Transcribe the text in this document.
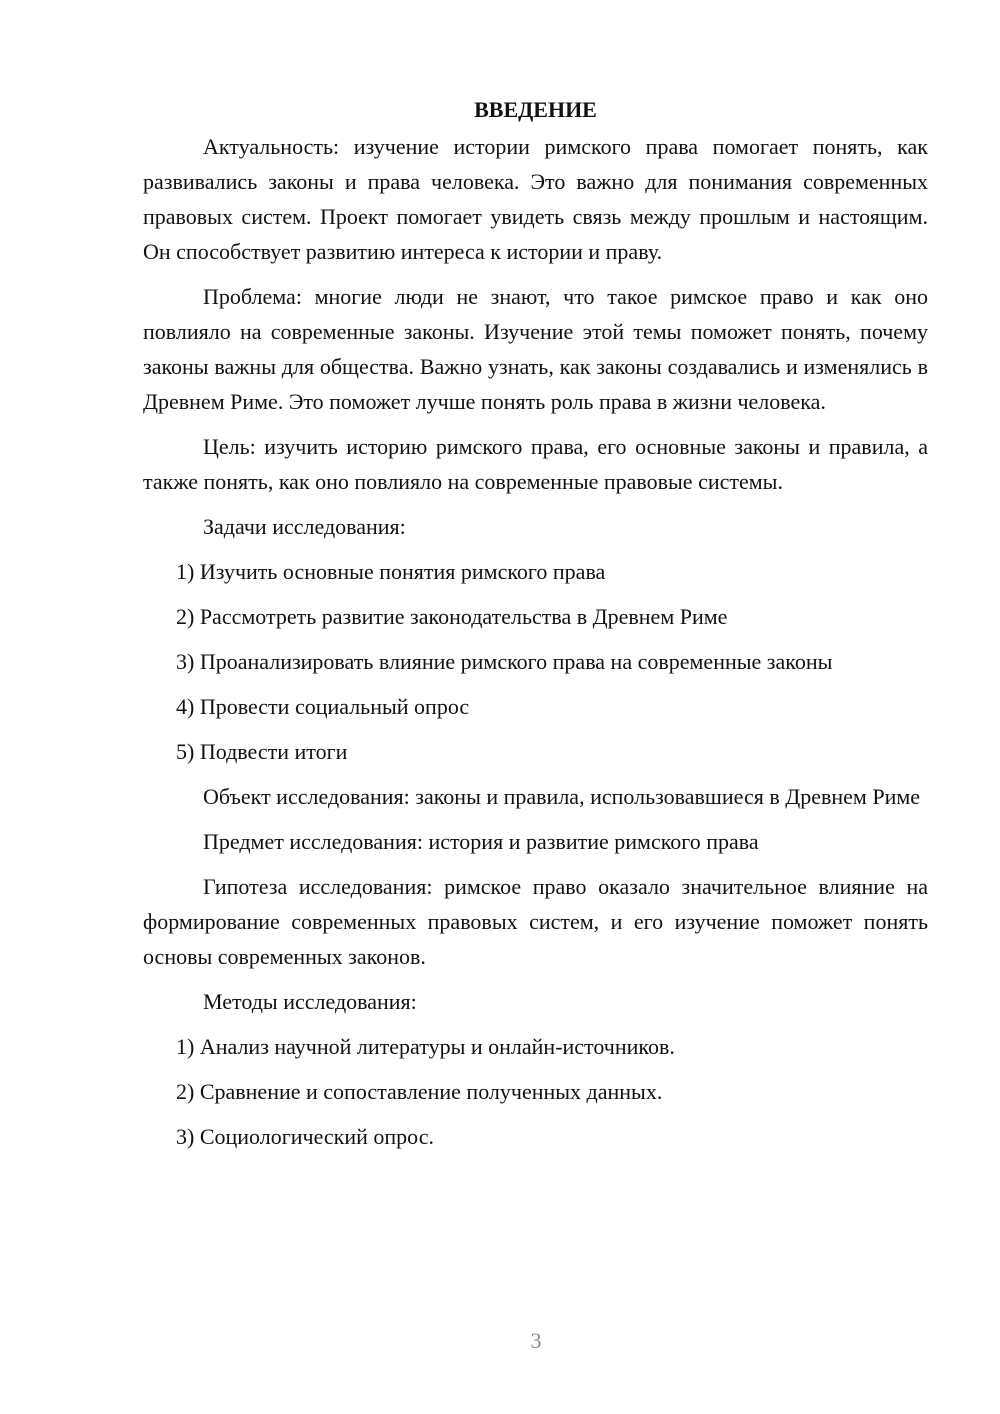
ВВЕДЕНИЕ

Актуальность: изучение истории римского права помогает понять, как развивались законы и права человека. Это важно для понимания современных правовых систем. Проект помогает увидеть связь между прошлым и настоящим. Он способствует развитию интереса к истории и праву.

Проблема: многие люди не знают, что такое римское право и как оно повлияло на современные законы. Изучение этой темы поможет понять, почему законы важны для общества. Важно узнать, как законы создавались и изменялись в Древнем Риме. Это поможет лучше понять роль права в жизни человека.

Цель: изучить историю римского права, его основные законы и правила, а также понять, как оно повлияло на современные правовые системы.

Задачи исследования:

1) Изучить основные понятия римского права
2) Рассмотреть развитие законодательства в Древнем Риме
3) Проанализировать влияние римского права на современные законы
4) Провести социальный опрос
5) Подвести итоги

Объект исследования: законы и правила, использовавшиеся в Древнем Риме

Предмет исследования: история и развитие римского права

Гипотеза исследования: римское право оказало значительное влияние на формирование современных правовых систем, и его изучение поможет понять основы современных законов.

Методы исследования:

1) Анализ научной литературы и онлайн-источников.
2) Сравнение и сопоставление полученных данных.
3) Социологический опрос.
3
